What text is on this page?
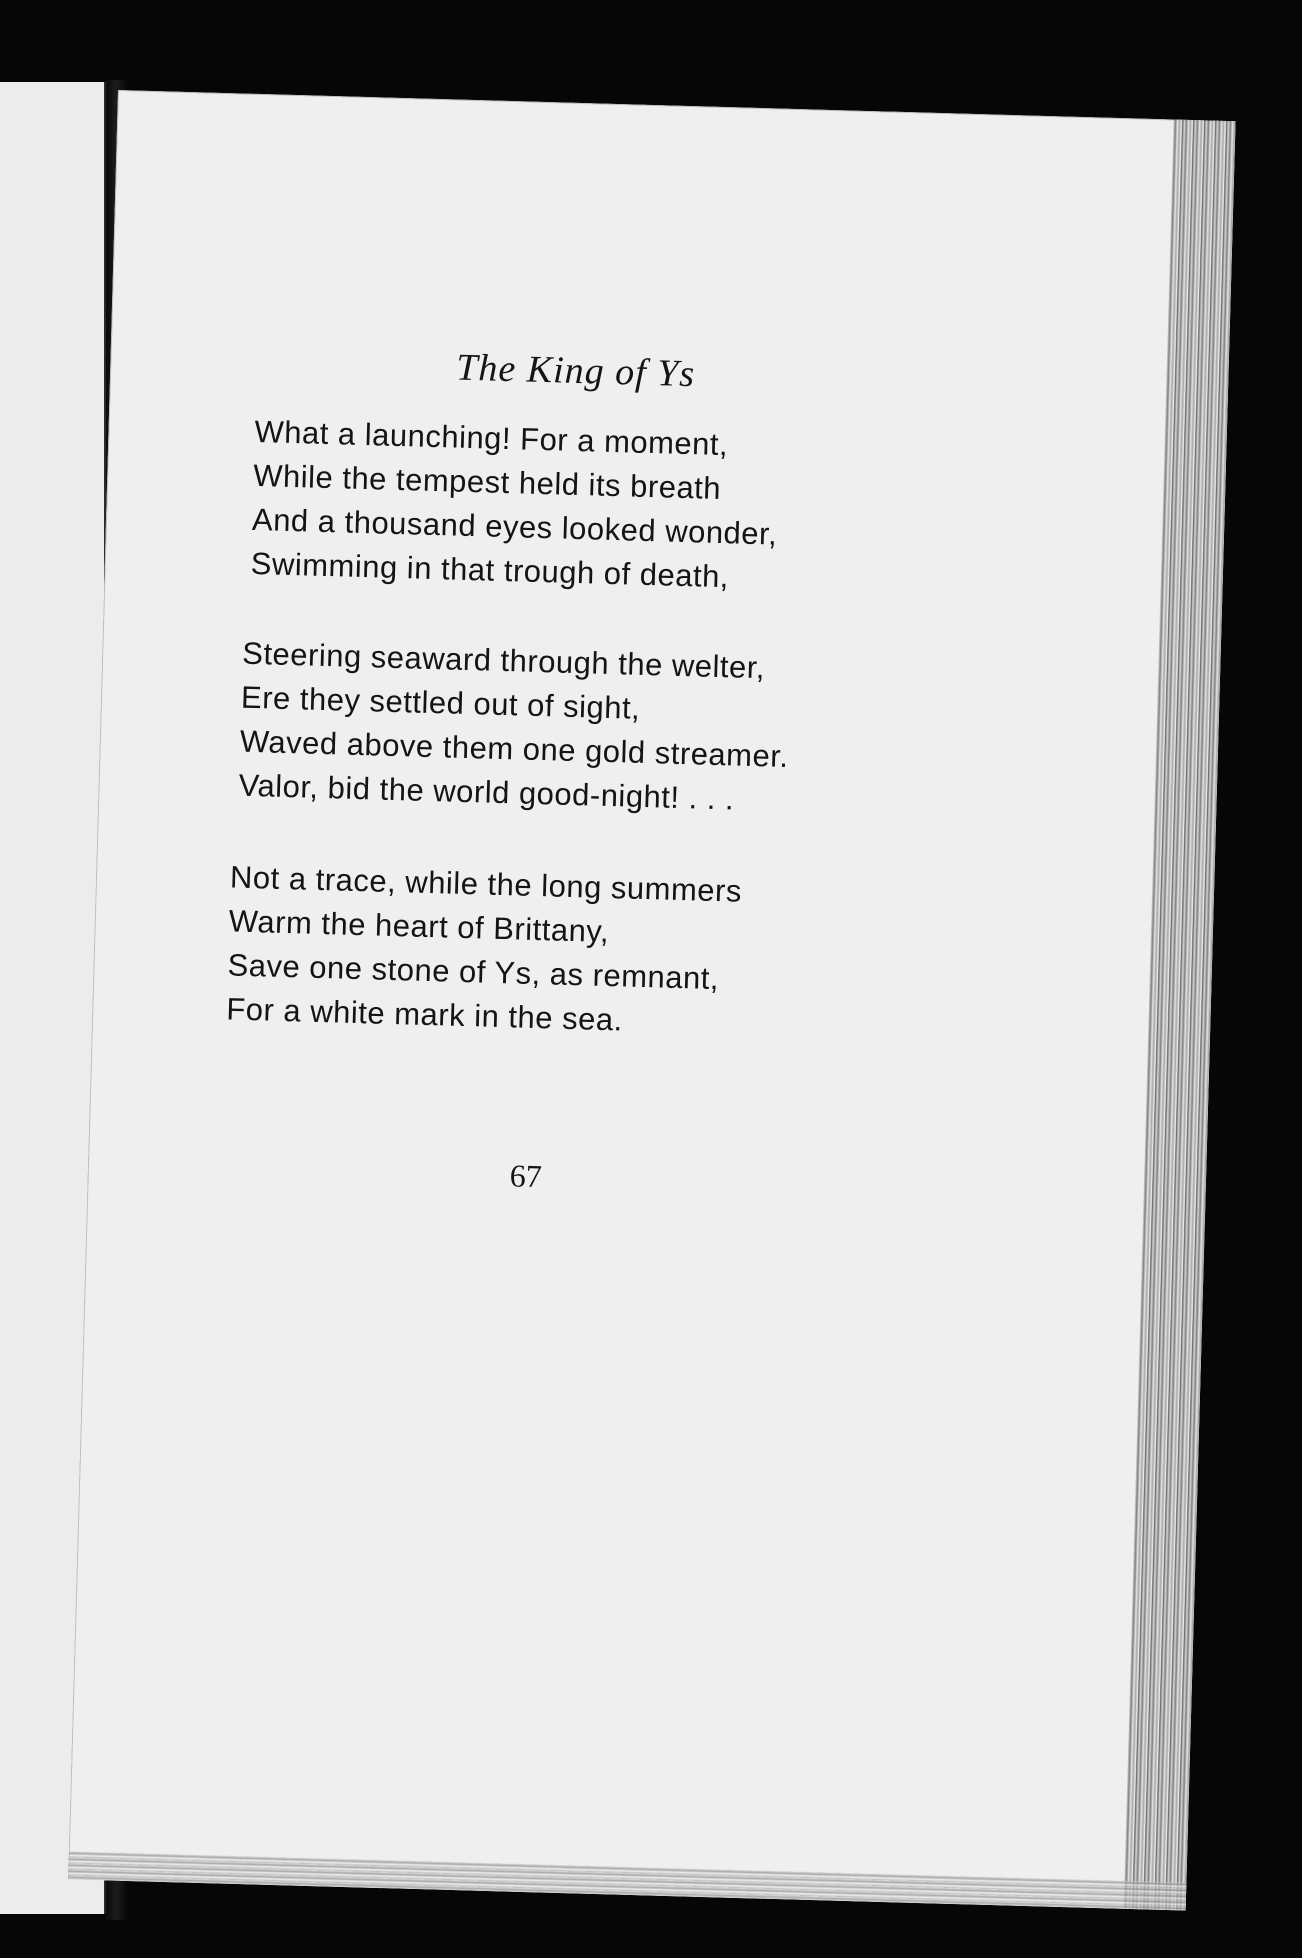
The King of Ys
What a launching! For a moment,
While the tempest held its breath
And a thousand eyes looked wonder,
Swimming in that trough of death,
Steering seaward through the welter,
Ere they settled out of sight,
Waved above them one gold streamer.
Valor, bid the world good-night! . . .
Not a trace, while the long summers
Warm the heart of Brittany,
Save one stone of Ys, as remnant,
For a white mark in the sea.
67
